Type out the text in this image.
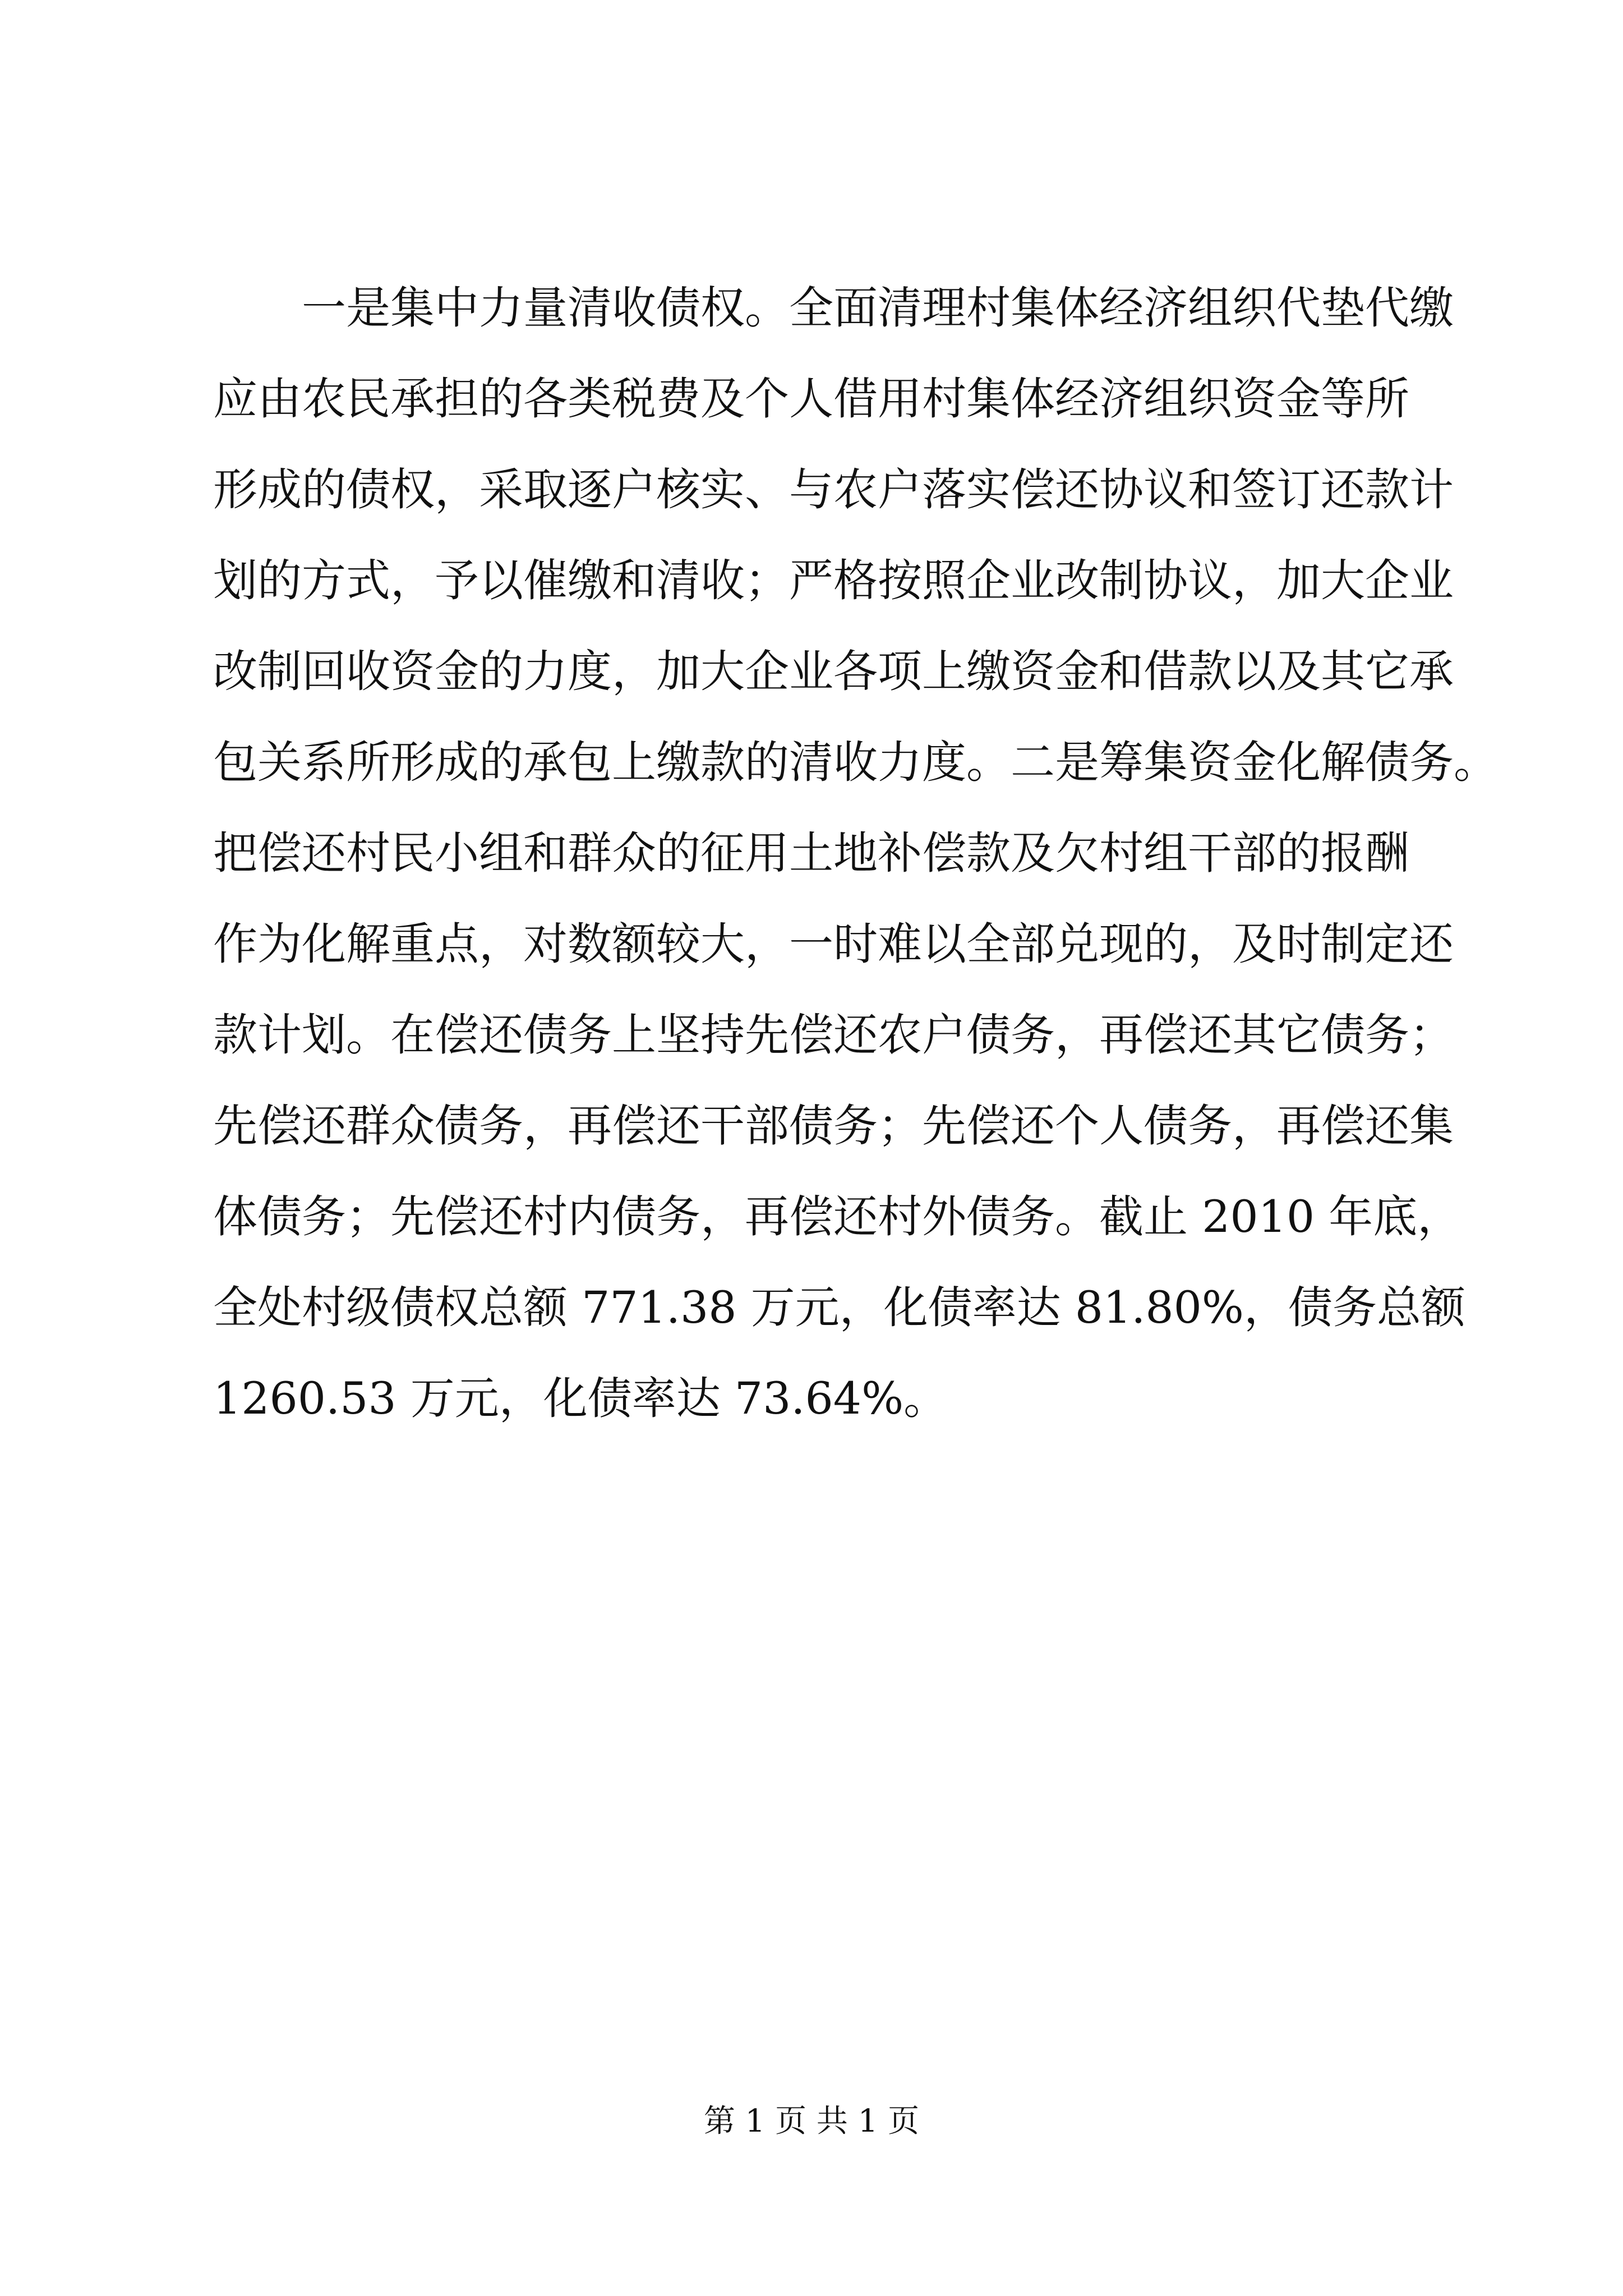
一是集中力量清收债权。全面清理村集体经济组织代垫代缴
应由农民承担的各类税费及个人借用村集体经济组织资金等所
形成的债权，采取逐户核实、与农户落实偿还协议和签订还款计
划的方式，予以催缴和清收；严格按照企业改制协议，加大企业
改制回收资金的力度，加大企业各项上缴资金和借款以及其它承
包关系所形成的承包上缴款的清收力度。二是筹集资金化解债务。
把偿还村民小组和群众的征用土地补偿款及欠村组干部的报酬
作为化解重点，对数额较大，一时难以全部兑现的，及时制定还
款计划。在偿还债务上坚持先偿还农户债务，再偿还其它债务；
先偿还群众债务，再偿还干部债务；先偿还个人债务，再偿还集
体债务；先偿还村内债务，再偿还村外债务。截止 2010 年底，
全处村级债权总额 771.38 万元，化债率达 81.80%，债务总额
1260.53 万元，化债率达 73.64%。
第 1 页 共 1 页
